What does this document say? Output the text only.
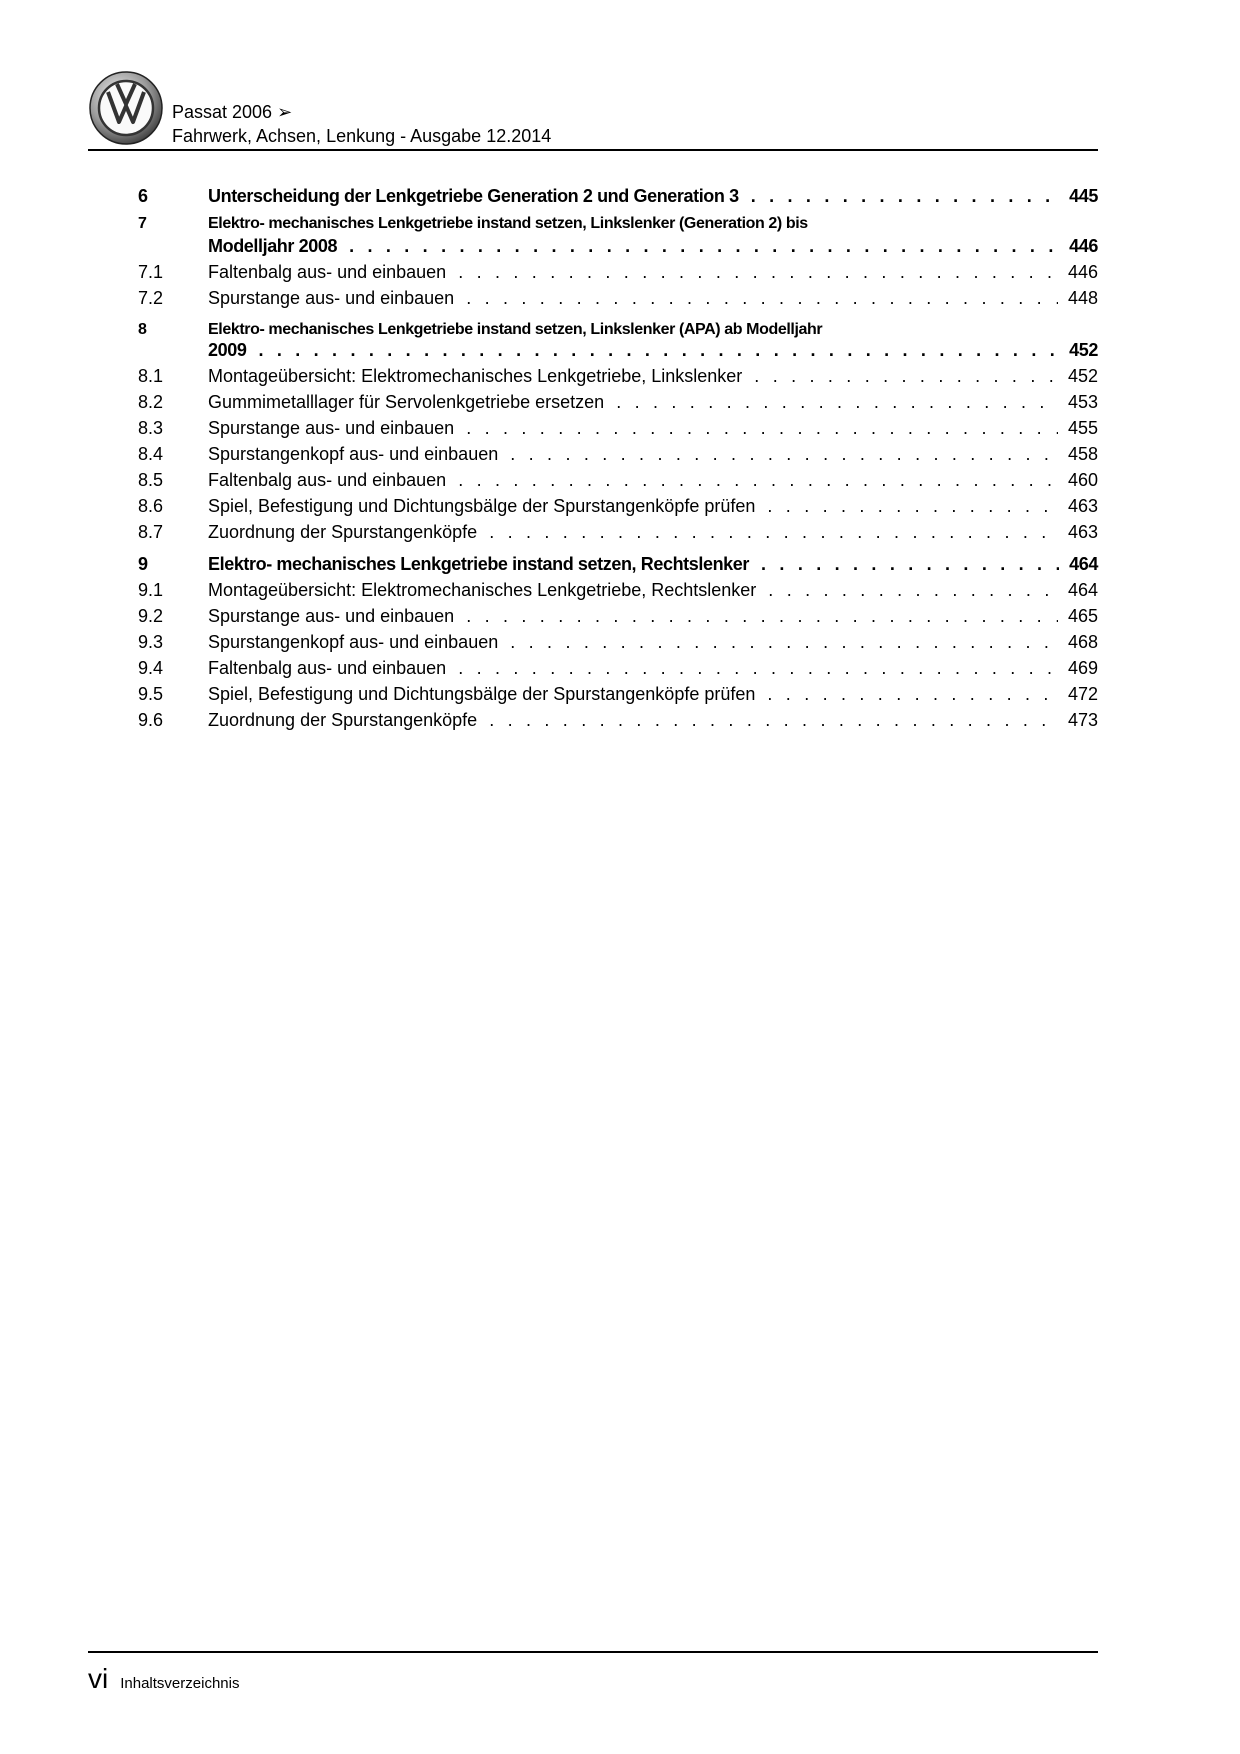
Passat 2006 ➢
Fahrwerk, Achsen, Lenkung - Ausgabe 12.2014
6	Unterscheidung der Lenkgetriebe Generation 2 und Generation 3 . . .	445
7	Elektro- mechanisches Lenkgetriebe instand setzen, Linkslenker (Generation 2) bis
Modelljahr 2008 . . .	446
7.1	Faltenbalg aus- und einbauen . . .	446
7.2	Spurstange aus- und einbauen . . .	448
8	Elektro- mechanisches Lenkgetriebe instand setzen, Linkslenker (APA) ab Modelljahr
2009 . . .	452
8.1	Montageübersicht: Elektromechanisches Lenkgetriebe, Linkslenker . . .	452
8.2	Gummimetalllager für Servolenkgetriebe ersetzen . . .	453
8.3	Spurstange aus- und einbauen . . .	455
8.4	Spurstangenkopf aus- und einbauen . . .	458
8.5	Faltenbalg aus- und einbauen . . .	460
8.6	Spiel, Befestigung und Dichtungsbälge der Spurstangenköpfe prüfen . . .	463
8.7	Zuordnung der Spurstangenköpfe . . .	463
9	Elektro- mechanisches Lenkgetriebe instand setzen, Rechtslenker . . .	464
9.1	Montageübersicht: Elektromechanisches Lenkgetriebe, Rechtslenker . . .	464
9.2	Spurstange aus- und einbauen . . .	465
9.3	Spurstangenkopf aus- und einbauen . . .	468
9.4	Faltenbalg aus- und einbauen . . .	469
9.5	Spiel, Befestigung und Dichtungsbälge der Spurstangenköpfe prüfen . . .	472
9.6	Zuordnung der Spurstangenköpfe . . .	473
vi Inhaltsverzeichnis
